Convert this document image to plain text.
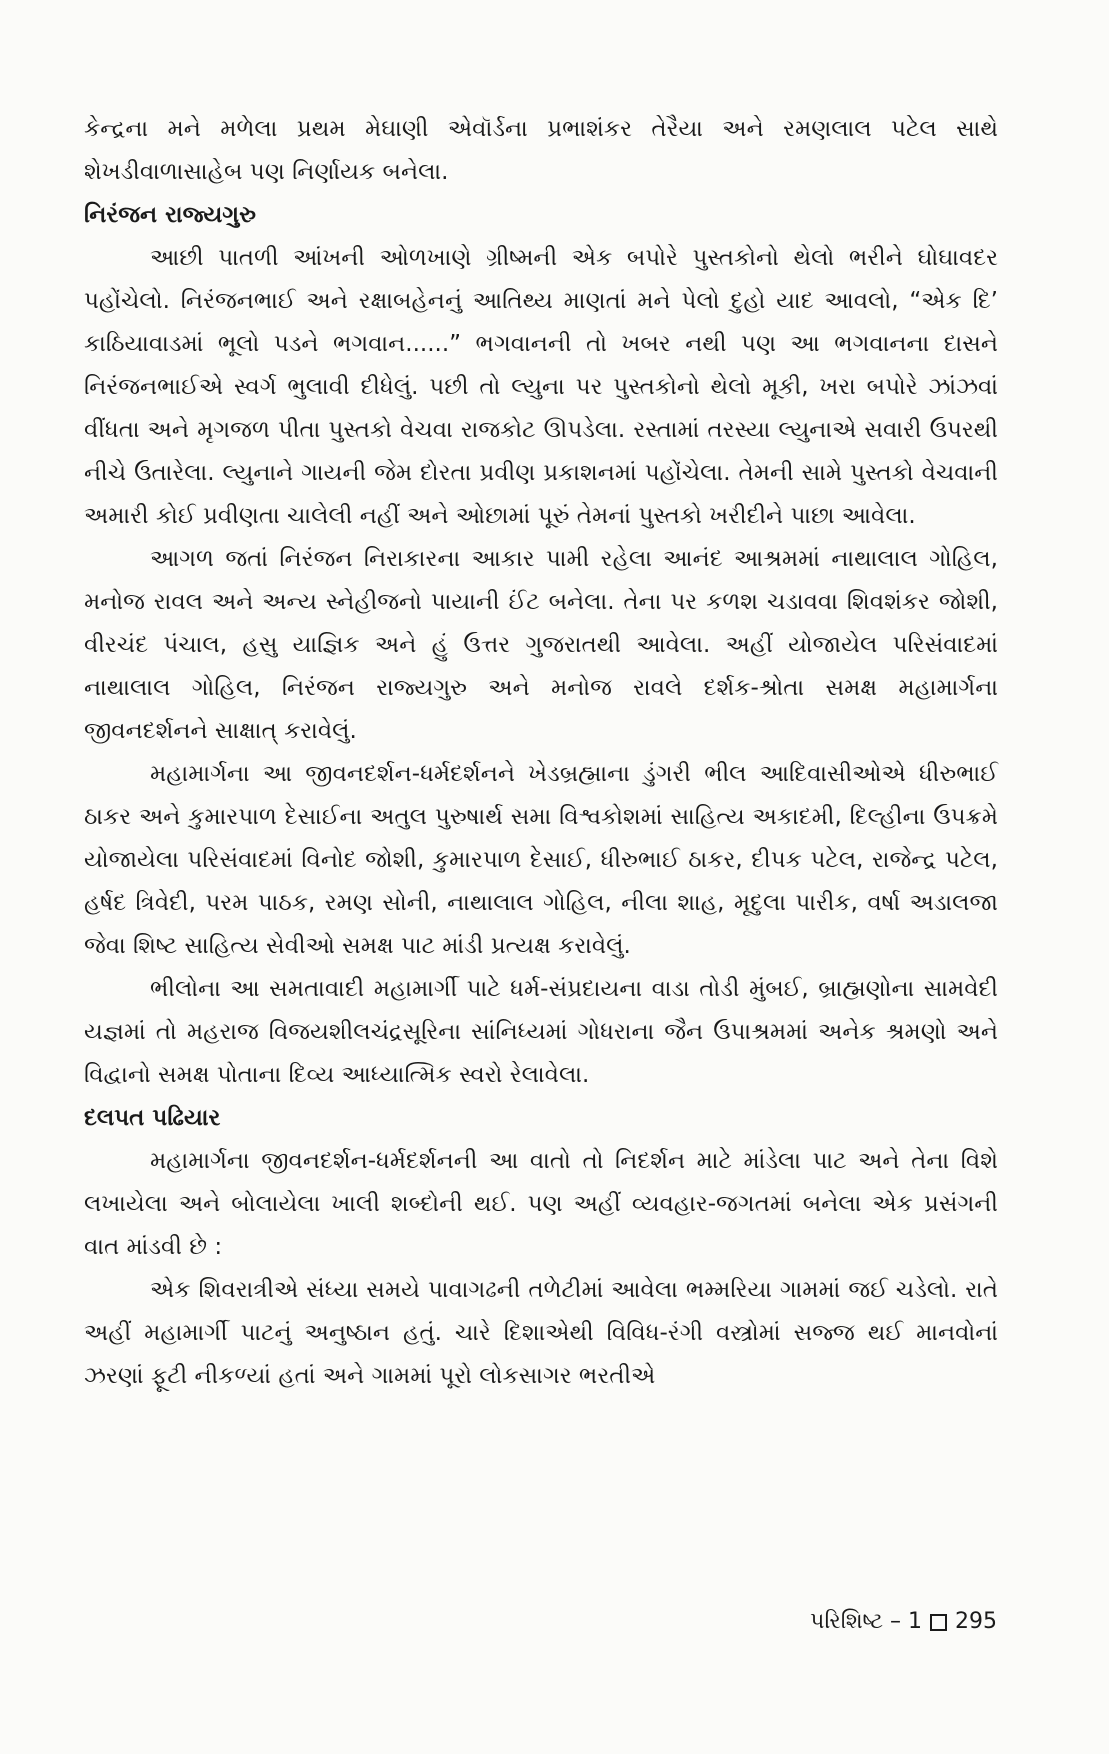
કેન્દ્રના મને મળેલા પ્રથમ મેઘાણી એવૉર્ડના પ્રભાશંકર તેરૈયા અને રમણલાલ પટેલ સાથે શેખડીવાળાસાહેબ પણ નિર્ણાયક બનેલા.

નિરંજન રાજ્યગુરુ

આછી પાતળી આંખની ઓળખાણે ગ્રીષ્મની એક બપોરે પુસ્તકોનો થેલો ભરીને ઘોઘાવદર પહોંચેલો. નિરંજનભાઈ અને રક્ષાબહેનનું આતિથ્ય માણતાં મને પેલો દુહો યાદ આવલો, “એક દિ’ કાઠિયાવાડમાં ભૂલો પડને ભગવાન......” ભગવાનની તો ખબર નથી પણ આ ભગવાનના દાસને નિરંજનભાઈએ સ્વર્ગ ભુલાવી દીધેલું. પછી તો લ્યુના પર પુસ્તકોનો થેલો મૂકી, ખરા બપોરે ઝાંઝવાં વીંધતા અને મૃગજળ પીતા પુસ્તકો વેચવા રાજકોટ ઊપડેલા. રસ્તામાં તરસ્યા લ્યુનાએ સવારી ઉપરથી નીચે ઉતારેલા. લ્યુનાને ગાયની જેમ દોરતા પ્રવીણ પ્રકાશનમાં પહોંચેલા. તેમની સામે પુસ્તકો વેચવાની અમારી કોઈ પ્રવીણતા ચાલેલી નહીં અને ઓછામાં પૂરું તેમનાં પુસ્તકો ખરીદીને પાછા આવેલા.

આગળ જતાં નિરંજન નિરાકારના આકાર પામી રહેલા આનંદ આશ્રમમાં નાથાલાલ ગોહિલ, મનોજ રાવલ અને અન્ય સ્નેહીજનો પાયાની ઈંટ બનેલા. તેના પર કળશ ચડાવવા શિવશંકર જોશી, વીરચંદ પંચાલ, હસુ યાજ્ઞિક અને હું ઉત્તર ગુજરાતથી આવેલા. અહીં યોજાયેલ પરિસંવાદમાં નાથાલાલ ગોહિલ, નિરંજન રાજ્યગુરુ અને મનોજ રાવલે દર્શક-શ્રોતા સમક્ષ મહામાર્ગના જીવનદર્શનને સાક્ષાત્ કરાવેલું.

મહામાર્ગના આ જીવનદર્શન-ધર્મદર્શનને ખેડબ્રહ્માના ડુંગરી ભીલ આદિવાસીઓએ ધીરુભાઈ ઠાકર અને કુમારપાળ દેસાઈના અતુલ પુરુષાર્થ સમા વિશ્વકોશમાં સાહિત્ય અકાદમી, દિલ્હીના ઉપક્રમે યોજાયેલા પરિસંવાદમાં વિનોદ જોશી, કુમારપાળ દેસાઈ, ધીરુભાઈ ઠાકર, દીપક પટેલ, રાજેન્દ્ર પટેલ, હર્ષદ ત્રિવેદી, પરમ પાઠક, રમણ સોની, નાથાલાલ ગોહિલ, નીલા શાહ, મૃદુલા પારીક, વર્ષા અડાલજા જેવા શિષ્ટ સાહિત્ય સેવીઓ સમક્ષ પાટ માંડી પ્રત્યક્ષ કરાવેલું.

ભીલોના આ સમતાવાદી મહામાર્ગી પાટે ધર્મ-સંપ્રદાયના વાડા તોડી મુંબઈ, બ્રાહ્મણોના સામવેદી યજ્ઞમાં તો મહરાજ વિજયશીલચંદ્રસૂરિના સાંનિધ્યમાં ગોધરાના જૈન ઉપાશ્રમમાં અનેક શ્રમણો અને વિદ્વાનો સમક્ષ પોતાના દિવ્ય આધ્યાત્મિક સ્વરો રેલાવેલા.

દલપત પઢિયાર

મહામાર્ગના જીવનદર્શન-ધર્મદર્શનની આ વાતો તો નિદર્શન માટે માંડેલા પાટ અને તેના વિશે લખાયેલા અને બોલાયેલા ખાલી શબ્દોની થઈ. પણ અહીં વ્યવહાર-જગતમાં બનેલા એક પ્રસંગની વાત માંડવી છે :

એક શિવરાત્રીએ સંધ્યા સમયે પાવાગઢની તળેટીમાં આવેલા ભમ્મરિયા ગામમાં જઈ ચડેલો. રાતે અહીં મહામાર્ગી પાટનું અનુષ્ઠાન હતું. ચારે દિશાએથી વિવિધ-રંગી વસ્ત્રોમાં સજ્જ થઈ માનવોનાં ઝરણાં ફૂટી નીકળ્યાં હતાં અને ગામમાં પૂરો લોકસાગર ભરતીએ

પરિશિષ્ટ – 1 295
